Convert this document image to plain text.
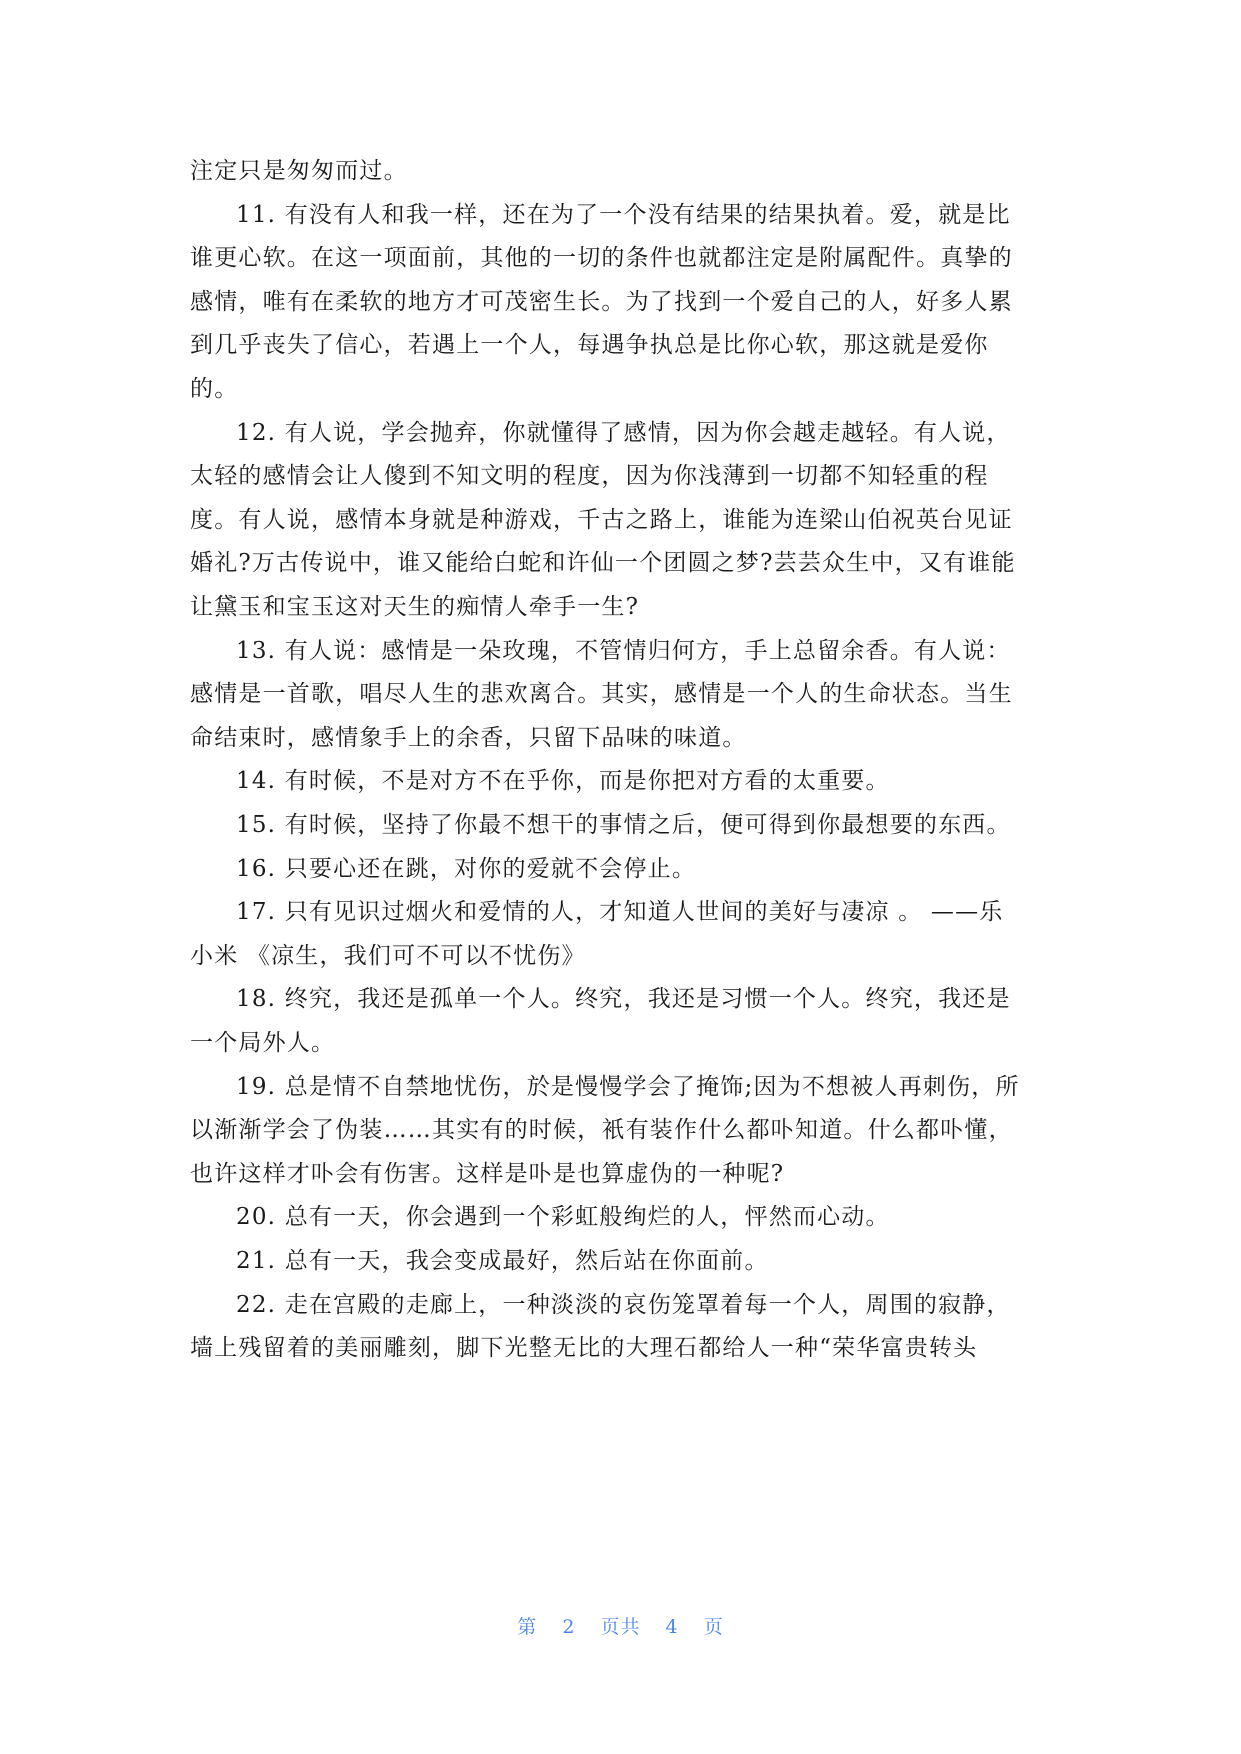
注定只是匆匆而过。
11. 有没有人和我一样，还在为了一个没有结果的结果执着。爱，就是比
谁更心软。在这一项面前，其他的一切的条件也就都注定是附属配件。真挚的
感情，唯有在柔软的地方才可茂密生长。为了找到一个爱自己的人，好多人累
到几乎丧失了信心，若遇上一个人，每遇争执总是比你心软，那这就是爱你
的。
12. 有人说，学会抛弃，你就懂得了感情，因为你会越走越轻。有人说，
太轻的感情会让人傻到不知文明的程度，因为你浅薄到一切都不知轻重的程
度。有人说，感情本身就是种游戏，千古之路上，谁能为连梁山伯祝英台见证
婚礼?万古传说中，谁又能给白蛇和许仙一个团圆之梦?芸芸众生中，又有谁能
让黛玉和宝玉这对天生的痴情人牵手一生?
13. 有人说：感情是一朵玫瑰，不管情归何方，手上总留余香。有人说：
感情是一首歌，唱尽人生的悲欢离合。其实，感情是一个人的生命状态。当生
命结束时，感情象手上的余香，只留下品味的味道。
14. 有时候，不是对方不在乎你，而是你把对方看的太重要。
15. 有时候，坚持了你最不想干的事情之后，便可得到你最想要的东西。
16. 只要心还在跳，对你的爱就不会停止。
17. 只有见识过烟火和爱情的人，才知道人世间的美好与凄凉 。 ——乐
小米 《凉生，我们可不可以不忧伤》
18. 终究，我还是孤单一个人。终究，我还是习惯一个人。终究，我还是
一个局外人。
19. 总是情不自禁地忧伤，於是慢慢学会了掩饰;因为不想被人再刺伤，所
以渐渐学会了伪装……其实有的时候，衹有装作什么都卟知道。什么都卟懂，
也许这样才卟会有伤害。这样是卟是也算虚伪的一种呢?
20. 总有一天，你会遇到一个彩虹般绚烂的人，怦然而心动。
21. 总有一天，我会变成最好，然后站在你面前。
22. 走在宫殿的走廊上，一种淡淡的哀伤笼罩着每一个人，周围的寂静，
墙上残留着的美丽雕刻，脚下光整无比的大理石都给人一种“荣华富贵转头
第 2 页共 4 页
